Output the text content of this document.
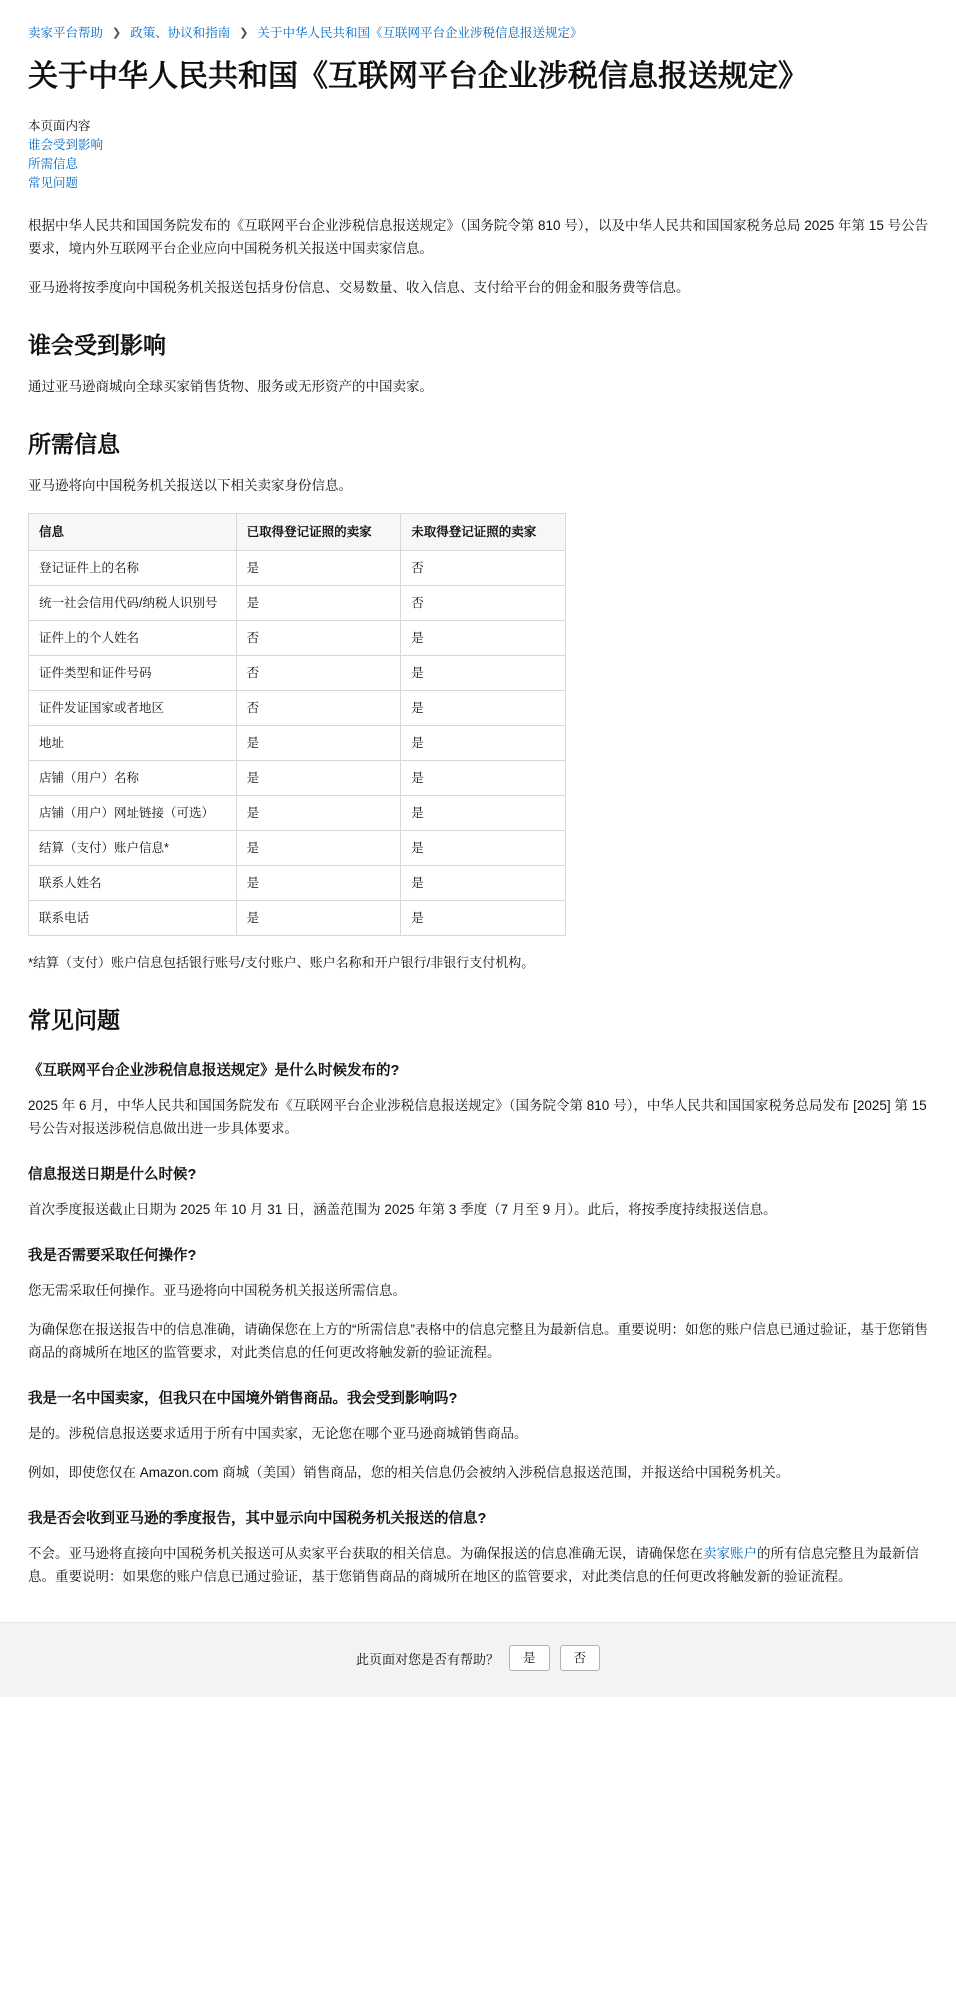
卖家平台帮助 ❯ 政策、协议和指南 ❯ 关于中华人民共和国《互联网平台企业涉税信息报送规定》
关于中华人民共和国《互联网平台企业涉税信息报送规定》
本页面内容
谁会受到影响
所需信息
常见问题

根据中华人民共和国国务院发布的《互联网平台企业涉税信息报送规定》（国务院令第 810 号），以及中华人民共和国国家税务总局 2025 年第 15 号公告要求，境内外互联网平台企业应向中国税务机关报送中国卖家信息。

亚马逊将按季度向中国税务机关报送包括身份信息、交易数量、收入信息、支付给平台的佣金和服务费等信息。

谁会受到影响

通过亚马逊商城向全球买家销售货物、服务或无形资产的中国卖家。

所需信息

亚马逊将向中国税务机关报送以下相关卖家身份信息。

信息	已取得登记证照的卖家	未取得登记证照的卖家
登记证件上的名称	是	否
统一社会信用代码/纳税人识别号	是	否
证件上的个人姓名	否	是
证件类型和证件号码	否	是
证件发证国家或者地区	否	是
地址	是	是
店铺（用户）名称	是	是
店铺（用户）网址链接（可选）	是	是
结算（支付）账户信息*	是	是
联系人姓名	是	是
联系电话	是	是

*结算（支付）账户信息包括银行账号/支付账户、账户名称和开户银行/非银行支付机构。

常见问题
《互联网平台企业涉税信息报送规定》是什么时候发布的?

2025 年 6 月，中华人民共和国国务院发布《互联网平台企业涉税信息报送规定》（国务院令第 810 号），中华人民共和国国家税务总局发布 [2025] 第 15 号公告对报送涉税信息做出进一步具体要求。

信息报送日期是什么时候?

首次季度报送截止日期为 2025 年 10 月 31 日，涵盖范围为 2025 年第 3 季度（7 月至 9 月）。此后，将按季度持续报送信息。

我是否需要采取任何操作?

您无需采取任何操作。亚马逊将向中国税务机关报送所需信息。

为确保您在报送报告中的信息准确，请确保您在上方的“所需信息”表格中的信息完整且为最新信息。重要说明：如您的账户信息已通过验证，基于您销售商品的商城所在地区的监管要求，对此类信息的任何更改将触发新的验证流程。

我是一名中国卖家，但我只在中国境外销售商品。我会受到影响吗?

是的。涉税信息报送要求适用于所有中国卖家，无论您在哪个亚马逊商城销售商品。

例如，即使您仅在 Amazon.com 商城（美国）销售商品，您的相关信息仍会被纳入涉税信息报送范围，并报送给中国税务机关。

我是否会收到亚马逊的季度报告，其中显示向中国税务机关报送的信息?

不会。亚马逊将直接向中国税务机关报送可从卖家平台获取的相关信息。为确保报送的信息准确无误，请确保您在卖家账户的所有信息完整且为最新信息。重要说明：如果您的账户信息已通过验证，基于您销售商品的商城所在地区的监管要求，对此类信息的任何更改将触发新的验证流程。

此页面对您是否有帮助？	是	否
